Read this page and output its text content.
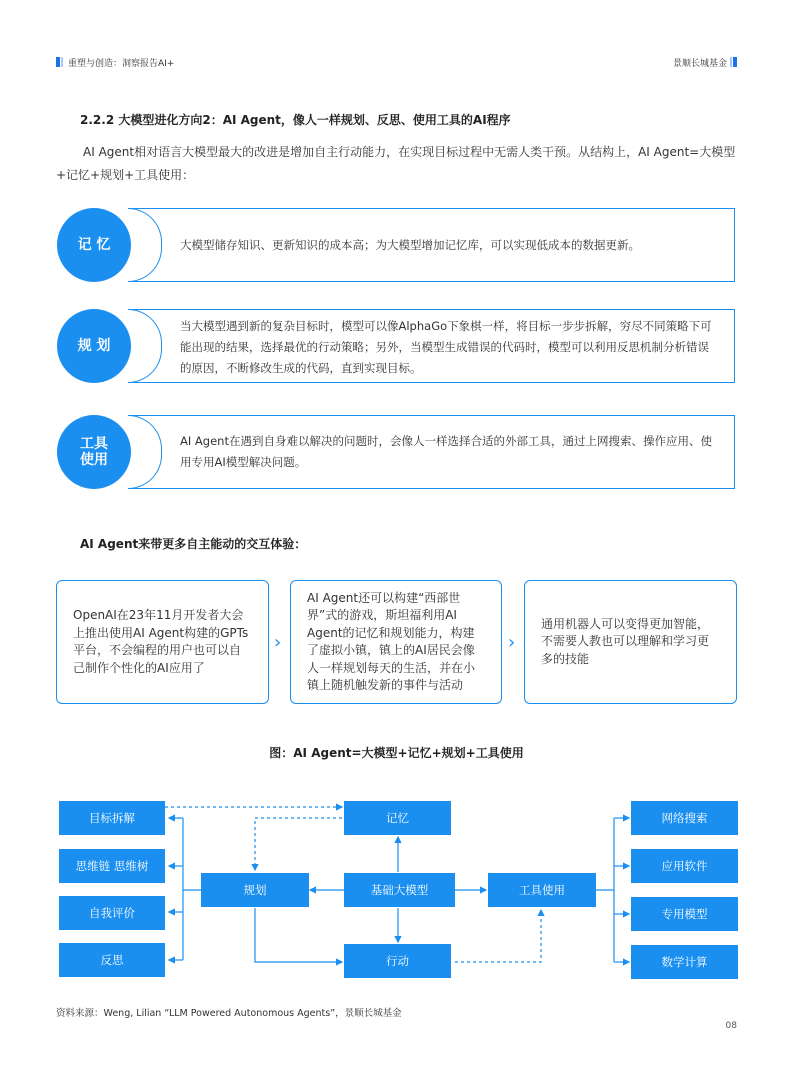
重塑与创造：洞察报告AI+	景顺长城基金
2.2.2 大模型进化方向2：AI Agent，像人一样规划、反思、使用工具的AI程序
AI Agent相对语言大模型最大的改进是增加自主行动能力，在实现目标过程中无需人类干预。从结构上，AI Agent=大模型+记忆+规划+工具使用：
记 忆	大模型储存知识、更新知识的成本高；为大模型增加记忆库，可以实现低成本的数据更新。
规 划
当大模型遇到新的复杂目标时，模型可以像AlphaGo下象棋一样，将目标一步步拆解，穷尽不同策略下可能出现的结果，选择最优的行动策略；另外，当模型生成错误的代码时，模型可以利用反思机制分析错误的原因，不断修改生成的代码，直到实现目标。
工具
使用
AI Agent在遇到自身难以解决的问题时，会像人一样选择合适的外部工具，通过上网搜索、操作应用、使用专用AI模型解决问题。
AI Agent来带更多自主能动的交互体验：
OpenAI在23年11月开发者大会上推出使用AI Agent构建的GPTs平台，不会编程的用户也可以自己制作个性化的AI应用了
›
AI Agent还可以构建“西部世界”式的游戏，斯坦福利用AI Agent的记忆和规划能力，构建了虚拟小镇，镇上的AI居民会像人一样规划每天的生活，并在小镇上随机触发新的事件与活动
›
通用机器人可以变得更加智能，不需要人教也可以理解和学习更多的技能
图：AI Agent=大模型+记忆+规划+工具使用
目标拆解
思维链 思维树
自我评价
反思
规划
记忆
基础大模型
行动
工具使用
网络搜索
应用软件
专用模型
数学计算
资料来源：Weng, Lilian “LLM Powered Autonomous Agents”，景顺长城基金
08
